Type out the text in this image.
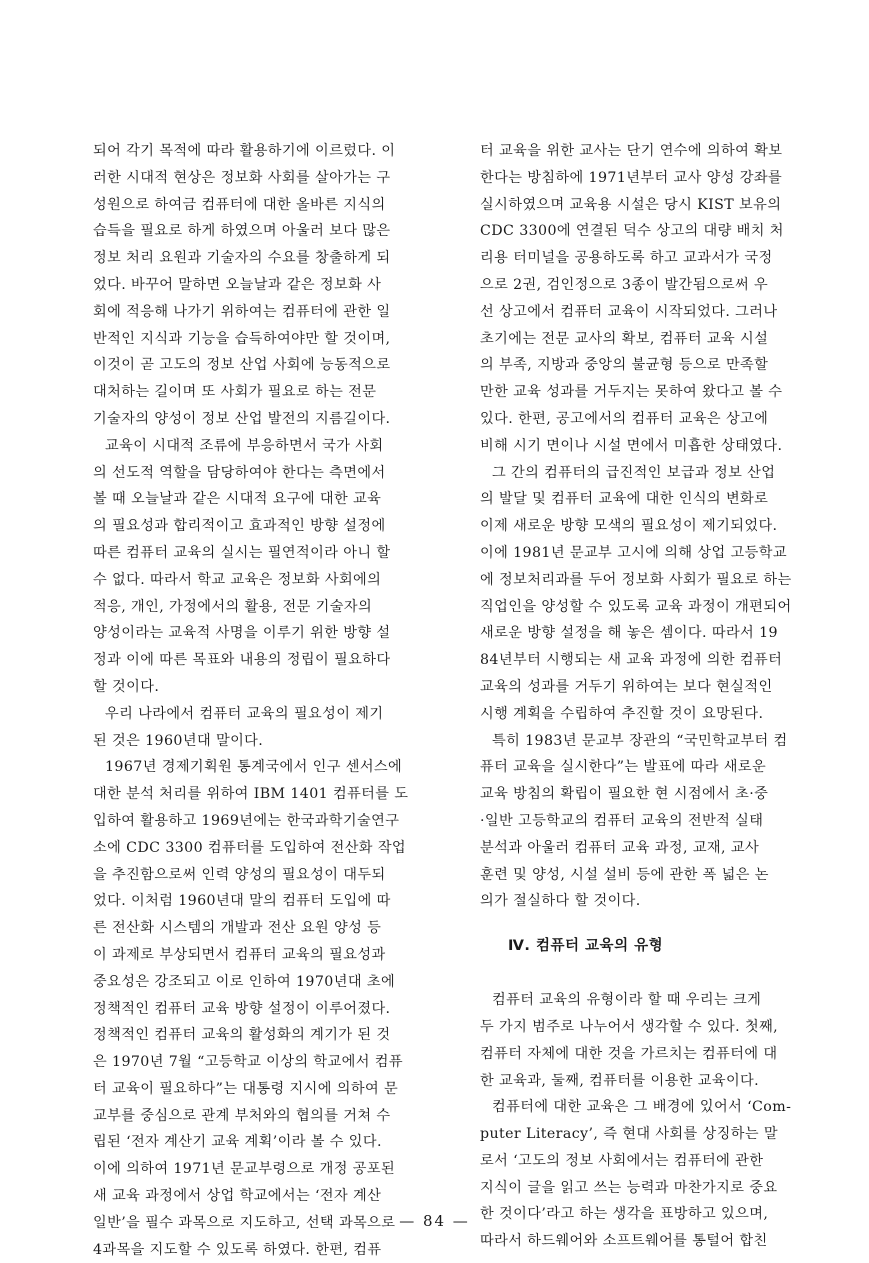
되어 각기 목적에 따라 활용하기에 이르렀다. 이
러한 시대적 현상은 정보화 사회를 살아가는 구
성원으로 하여금 컴퓨터에 대한 올바른 지식의
습득을 필요로 하게 하였으며 아울러 보다 많은
정보 처리 요원과 기술자의 수요를 창출하게 되
었다. 바꾸어 말하면 오늘날과 같은 정보화 사
회에 적응해 나가기 위하여는 컴퓨터에 관한 일
반적인 지식과 기능을 습득하여야만 할 것이며,
이것이 곧 고도의 정보 산업 사회에 능동적으로
대처하는 길이며 또 사회가 필요로 하는 전문
기술자의 양성이 정보 산업 발전의 지름길이다.
교육이 시대적 조류에 부응하면서 국가 사회
의 선도적 역할을 담당하여야 한다는 측면에서
볼 때 오늘날과 같은 시대적 요구에 대한 교육
의 필요성과 합리적이고 효과적인 방향 설정에
따른 컴퓨터 교육의 실시는 필연적이라 아니 할
수 없다. 따라서 학교 교육은 정보화 사회에의
적응, 개인, 가정에서의 활용, 전문 기술자의
양성이라는 교육적 사명을 이루기 위한 방향 설
정과 이에 따른 목표와 내용의 정립이 필요하다
할 것이다.
우리 나라에서 컴퓨터 교육의 필요성이 제기
된 것은 1960년대 말이다.
1967년 경제기획원 통계국에서 인구 센서스에
대한 분석 처리를 위하여 IBM 1401 컴퓨터를 도
입하여 활용하고 1969년에는 한국과학기술연구
소에 CDC 3300 컴퓨터를 도입하여 전산화 작업
을 추진함으로써 인력 양성의 필요성이 대두되
었다. 이처럼 1960년대 말의 컴퓨터 도입에 따
른 전산화 시스템의 개발과 전산 요원 양성 등
이 과제로 부상되면서 컴퓨터 교육의 필요성과
중요성은 강조되고 이로 인하여 1970년대 초에
정책적인 컴퓨터 교육 방향 설정이 이루어졌다.
정책적인 컴퓨터 교육의 활성화의 계기가 된 것
은 1970년 7월 “고등학교 이상의 학교에서 컴퓨
터 교육이 필요하다”는 대통령 지시에 의하여 문
교부를 중심으로 관계 부처와의 협의를 거쳐 수
립된 ‘전자 계산기 교육 계획’이라 볼 수 있다.
이에 의하여 1971년 문교부령으로 개정 공포된
새 교육 과정에서 상업 학교에서는 ‘전자 계산
일반’을 필수 과목으로 지도하고, 선택 과목으로
4과목을 지도할 수 있도록 하였다. 한편, 컴퓨
터 교육을 위한 교사는 단기 연수에 의하여 확보
한다는 방침하에 1971년부터 교사 양성 강좌를
실시하였으며 교육용 시설은 당시 KIST 보유의
CDC 3300에 연결된 덕수 상고의 대량 배치 처
리용 터미널을 공용하도록 하고 교과서가 국정
으로 2권, 검인정으로 3종이 발간됨으로써 우
선 상고에서 컴퓨터 교육이 시작되었다. 그러나
초기에는 전문 교사의 확보, 컴퓨터 교육 시설
의 부족, 지방과 중앙의 불균형 등으로 만족할
만한 교육 성과를 거두지는 못하여 왔다고 볼 수
있다. 한편, 공고에서의 컴퓨터 교육은 상고에
비해 시기 면이나 시설 면에서 미흡한 상태였다.
그 간의 컴퓨터의 급진적인 보급과 정보 산업
의 발달 및 컴퓨터 교육에 대한 인식의 변화로
이제 새로운 방향 모색의 필요성이 제기되었다.
이에 1981년 문교부 고시에 의해 상업 고등학교
에 정보처리과를 두어 정보화 사회가 필요로 하는
직업인을 양성할 수 있도록 교육 과정이 개편되어
새로운 방향 설정을 해 놓은 셈이다. 따라서 19
84년부터 시행되는 새 교육 과정에 의한 컴퓨터
교육의 성과를 거두기 위하여는 보다 현실적인
시행 계획을 수립하여 추진할 것이 요망된다.
특히 1983년 문교부 장관의 “국민학교부터 컴
퓨터 교육을 실시한다”는 발표에 따라 새로운
교육 방침의 확립이 필요한 현 시점에서 초·중
·일반 고등학교의 컴퓨터 교육의 전반적 실태
분석과 아울러 컴퓨터 교육 과정, 교재, 교사
훈련 및 양성, 시설 설비 등에 관한 폭 넓은 논
의가 절실하다 할 것이다.
Ⅳ. 컴퓨터 교육의 유형
컴퓨터 교육의 유형이라 할 때 우리는 크게
두 가지 범주로 나누어서 생각할 수 있다. 첫째,
컴퓨터 자체에 대한 것을 가르치는 컴퓨터에 대
한 교육과, 둘째, 컴퓨터를 이용한 교육이다.
컴퓨터에 대한 교육은 그 배경에 있어서 ‘Com-
puter Literacy’, 즉 현대 사회를 상징하는 말
로서 ‘고도의 정보 사회에서는 컴퓨터에 관한
지식이 글을 읽고 쓰는 능력과 마찬가지로 중요
한 것이다’라고 하는 생각을 표방하고 있으며,
따라서 하드웨어와 소프트웨어를 통털어 합친
— 84 —
